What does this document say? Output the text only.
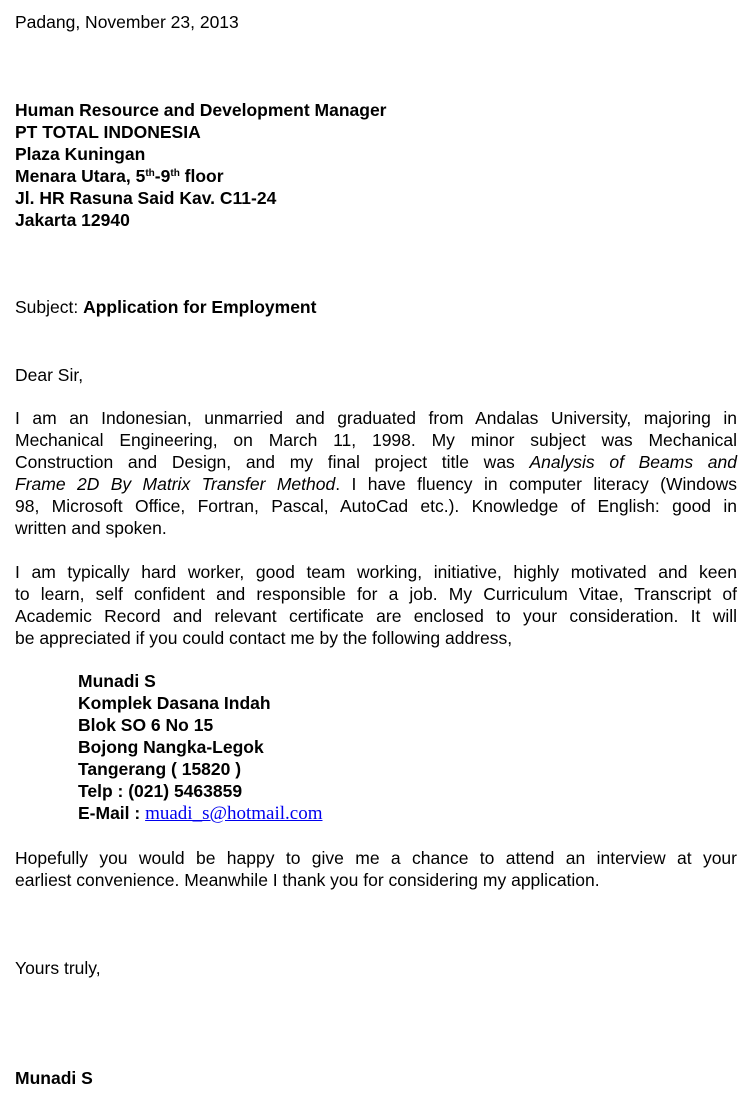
Padang, November 23, 2013
Human Resource and Development Manager
PT TOTAL INDONESIA
Plaza Kuningan
Menara Utara, 5th-9th floor
Jl. HR Rasuna Said Kav. C11-24
Jakarta 12940
Subject: Application for Employment
Dear Sir,
I am an Indonesian, unmarried and graduated from Andalas University, majoring in
Mechanical Engineering, on March 11, 1998. My minor subject was Mechanical
Construction and Design, and my final project title was Analysis of Beams and
Frame 2D By Matrix Transfer Method. I have fluency in computer literacy (Windows
98, Microsoft Office, Fortran, Pascal, AutoCad etc.). Knowledge of English: good in
written and spoken.
I am typically hard worker, good team working, initiative, highly motivated and keen
to learn, self confident and responsible for a job. My Curriculum Vitae, Transcript of
Academic Record and relevant certificate are enclosed to your consideration. It will
be appreciated if you could contact me by the following address,
Munadi S
Komplek Dasana Indah
Blok SO 6 No 15
Bojong Nangka-Legok
Tangerang ( 15820 )
Telp : (021) 5463859
E-Mail : muadi_s@hotmail.com
Hopefully you would be happy to give me a chance to attend an interview at your
earliest convenience. Meanwhile I thank you for considering my application.
Yours truly,
Munadi S
